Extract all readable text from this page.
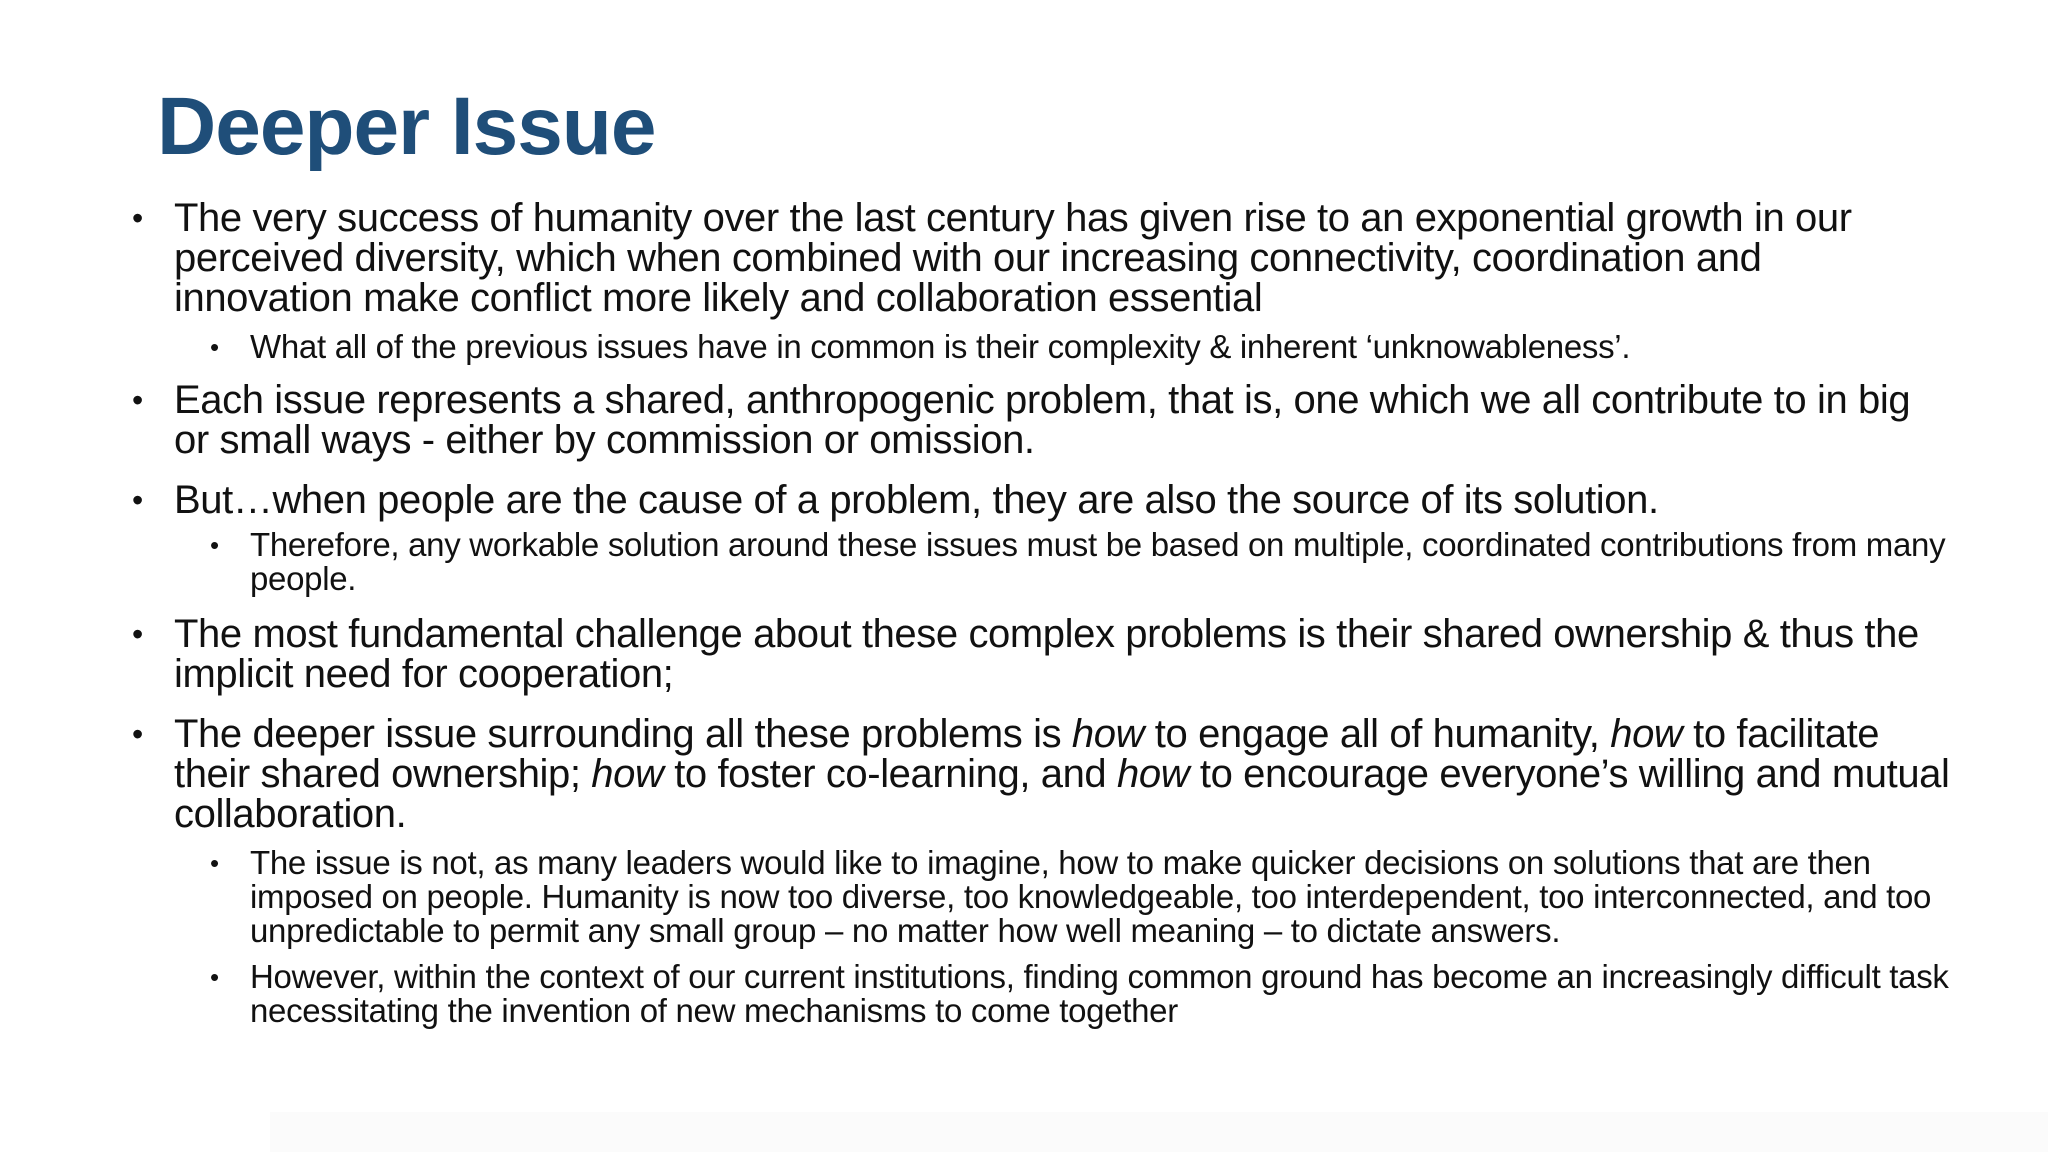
Deeper Issue
• The very success of humanity over the last century has given rise to an exponential growth in our perceived diversity, which when combined with our increasing connectivity, coordination and innovation make conflict more likely and collaboration essential
• What all of the previous issues have in common is their complexity & inherent ‘unknowableness’.
• Each issue represents a shared, anthropogenic problem, that is, one which we all contribute to in big or small ways - either by commission or omission.
• But…when people are the cause of a problem, they are also the source of its solution.
• Therefore, any workable solution around these issues must be based on multiple, coordinated contributions from many people.
• The most fundamental challenge about these complex problems is their shared ownership & thus the implicit need for cooperation;
• The deeper issue surrounding all these problems is how to engage all of humanity, how to facilitate their shared ownership; how to foster co-learning, and how to encourage everyone’s willing and mutual collaboration.
• The issue is not, as many leaders would like to imagine, how to make quicker decisions on solutions that are then imposed on people. Humanity is now too diverse, too knowledgeable, too interdependent, too interconnected, and too unpredictable to permit any small group – no matter how well meaning – to dictate answers.
• However, within the context of our current institutions, finding common ground has become an increasingly difficult task necessitating the invention of new mechanisms to come together
